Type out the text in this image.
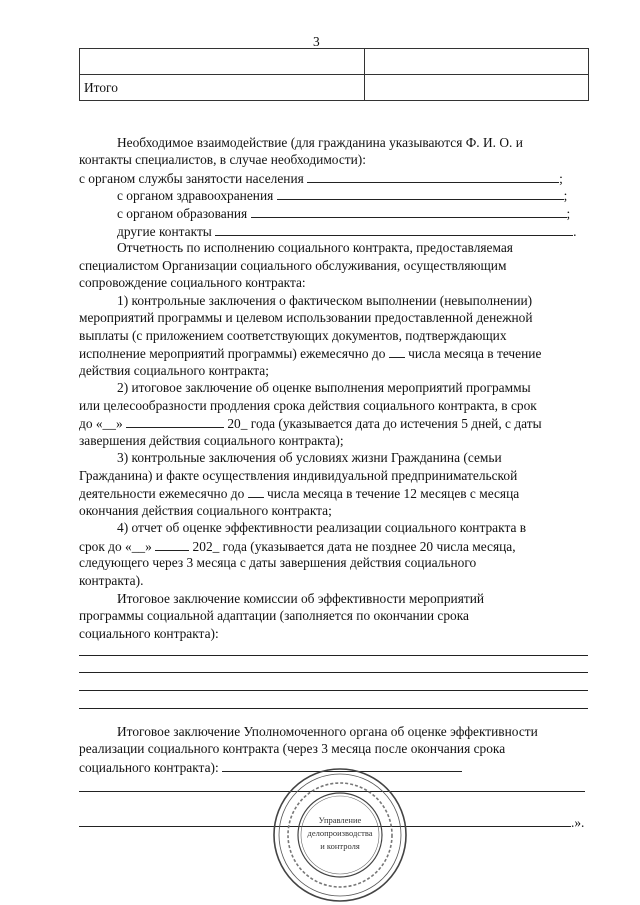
3

Итого	
Необходимое взаимодействие (для гражданина указываются Ф. И. О. и
контакты специалистов, в случае необходимости):
с органом службы занятости населения	;
с органом здравоохранения	;
с органом образования	;
другие контакты	.
Отчетность по исполнению социального контракта, предоставляемая
специалистом Организации социального обслуживания, осуществляющим
сопровождение социального контракта:
1) контрольные заключения о фактическом выполнении (невыполнении)
мероприятий программы и целевом использовании предоставленной денежной
выплаты (с приложением соответствующих документов, подтверждающих
исполнение мероприятий программы) ежемесячно до числа месяца в течение
действия социального контракта;
2) итоговое заключение об оценке выполнения мероприятий программы
или целесообразности продления срока действия социального контракта, в срок
до «__»	20_ года (указывается дата до истечения 5 дней, с даты
завершения действия социального контракта);
3) контрольные заключения об условиях жизни Гражданина (семьи
Гражданина) и факте осуществления индивидуальной предпринимательской
деятельности ежемесячно до числа месяца в течение 12 месяцев с месяца
окончания действия социального контракта;
4) отчет об оценке эффективности реализации социального контракта в
срок до «__»	202_ года (указывается дата не позднее 20 числа месяца,
следующего через 3 месяца с даты завершения действия социального
контракта).
Итоговое заключение комиссии об эффективности мероприятий
программы социальной адаптации (заполняется по окончании срока
социального контракта):
Итоговое заключение Уполномоченного органа об оценке эффективности
реализации социального контракта (через 3 месяца после окончания срока
социального контракта):
.».
Управление
делопроизводства
и контроля
